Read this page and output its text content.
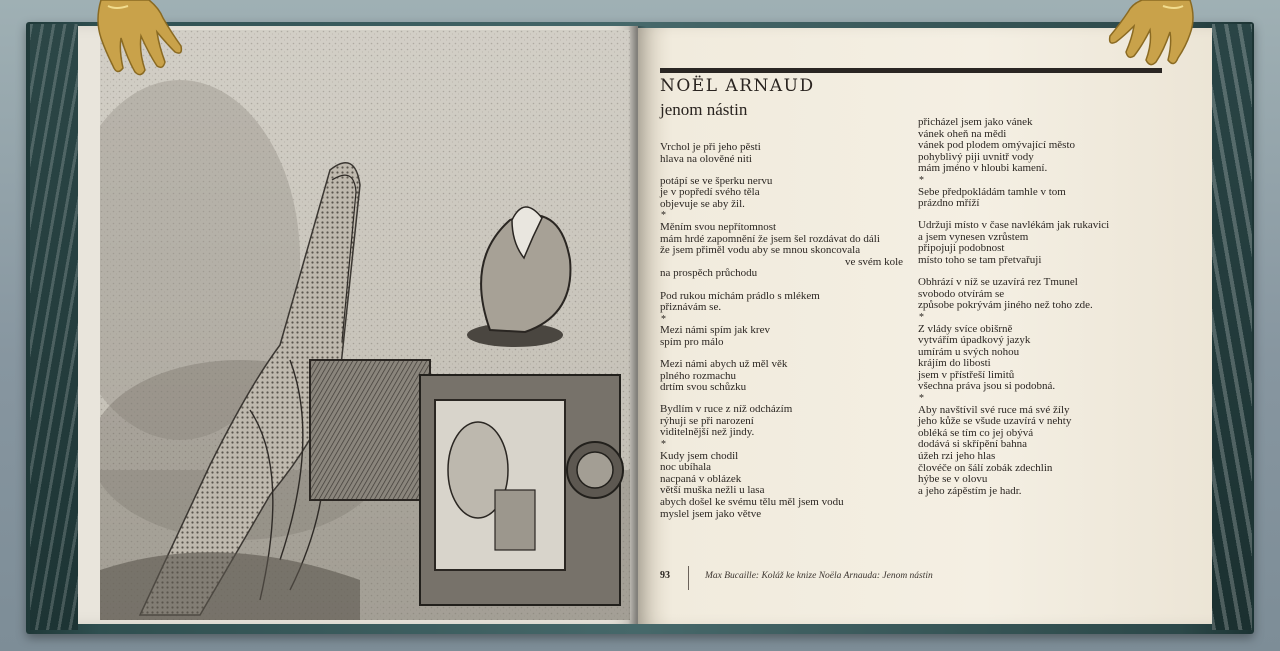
NOËL ARNAUD
jenom nástin
Vrchol je při jeho pěsti
hlava na olověné niti
potápí se ve šperku nervu
je v popředí svého těla
objevuje se aby žil.
*
Měním svou nepřítomnost
mám hrdé zapomnění že jsem šel rozdávat do dáli
že jsem přiměl vodu aby se mnou skoncovala
ve svém kole
na prospěch průchodu
Pod rukou míchám prádlo s mlékem
přiznávám se.
*
Mezi námi spím jak krev
spím pro málo
Mezi námi abych už měl věk
plného rozmachu
drtím svou schůzku
Bydlím v ruce z níž odcházím
rýhuji se při narození
viditelnější než jindy.
*
Kudy jsem chodil
noc ubíhala
nacpaná v oblázek
větší muška nežli u lasa
abych došel ke svému tělu měl jsem vodu
myslel jsem jako větve
přicházel jsem jako vánek
vánek oheň na mědi
vánek pod plodem omývající město
pohyblivý piji uvnitř vody
mám jméno v hloubi kamení.
*
Sebe předpokládám tamhle v tom
prázdno mříží
Udržuji místo v čase navlékám jak rukavici
a jsem vynesen vzrůstem
připojuji podobnost
místo toho se tam přetvařuji
Obhrází v níž se uzavírá rez Tmunel
svobodo otvírám se
způsobe pokrývám jiného než toho zde.
*
Z vlády svíce obišrně
vytvářím úpadkový jazyk
umírám u svých nohou
krájím do libosti
jsem v přístřeší limitů
všechna práva jsou si podobná.
*
Aby navštívil své ruce má své žíly
jeho kůže se všude uzavírá v nehty
obléká se tím co jej obývá
dodává si skřípění bahna
úžeh rzi jeho hlas
človéče on šálí zobák zdechlin
hýbe se v olovu
a jeho zápěstím je hadr.
93	Max Bucaille: Koláž ke knize Noëla Arnauda: Jenom nástin
